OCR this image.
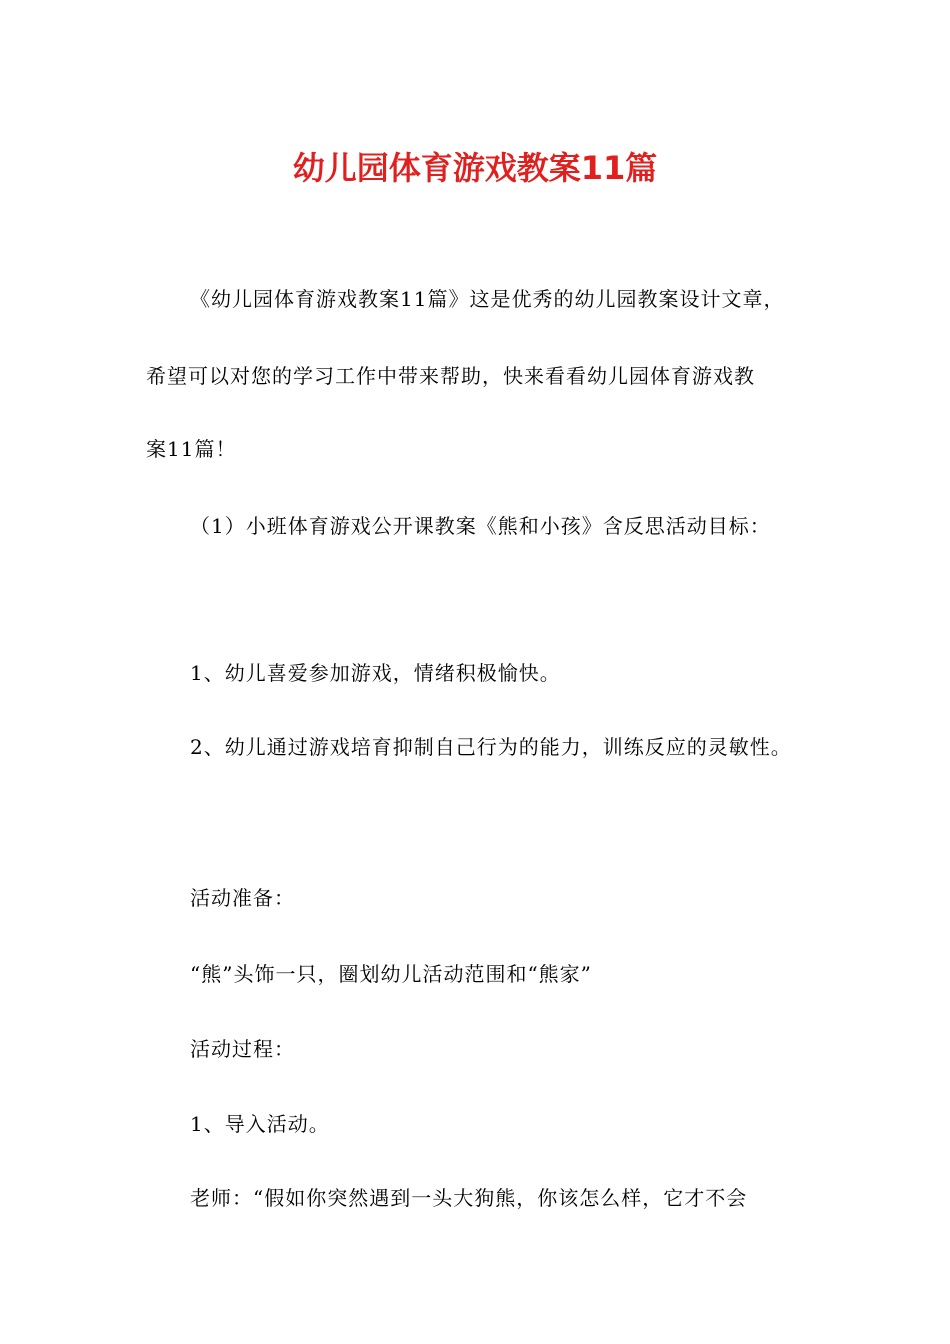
幼儿园体育游戏教案11篇

《幼儿园体育游戏教案11篇》这是优秀的幼儿园教案设计文章，

希望可以对您的学习工作中带来帮助，快来看看幼儿园体育游戏教

案11篇！

（1）小班体育游戏公开课教案《熊和小孩》含反思活动目标：

1、幼儿喜爱参加游戏，情绪积极愉快。

2、幼儿通过游戏培育抑制自己行为的能力，训练反应的灵敏性。

活动准备：

“熊”头饰一只，圈划幼儿活动范围和“熊家”

活动过程：

1、导入活动。

老师：“假如你突然遇到一头大狗熊，你该怎么样，它才不会
